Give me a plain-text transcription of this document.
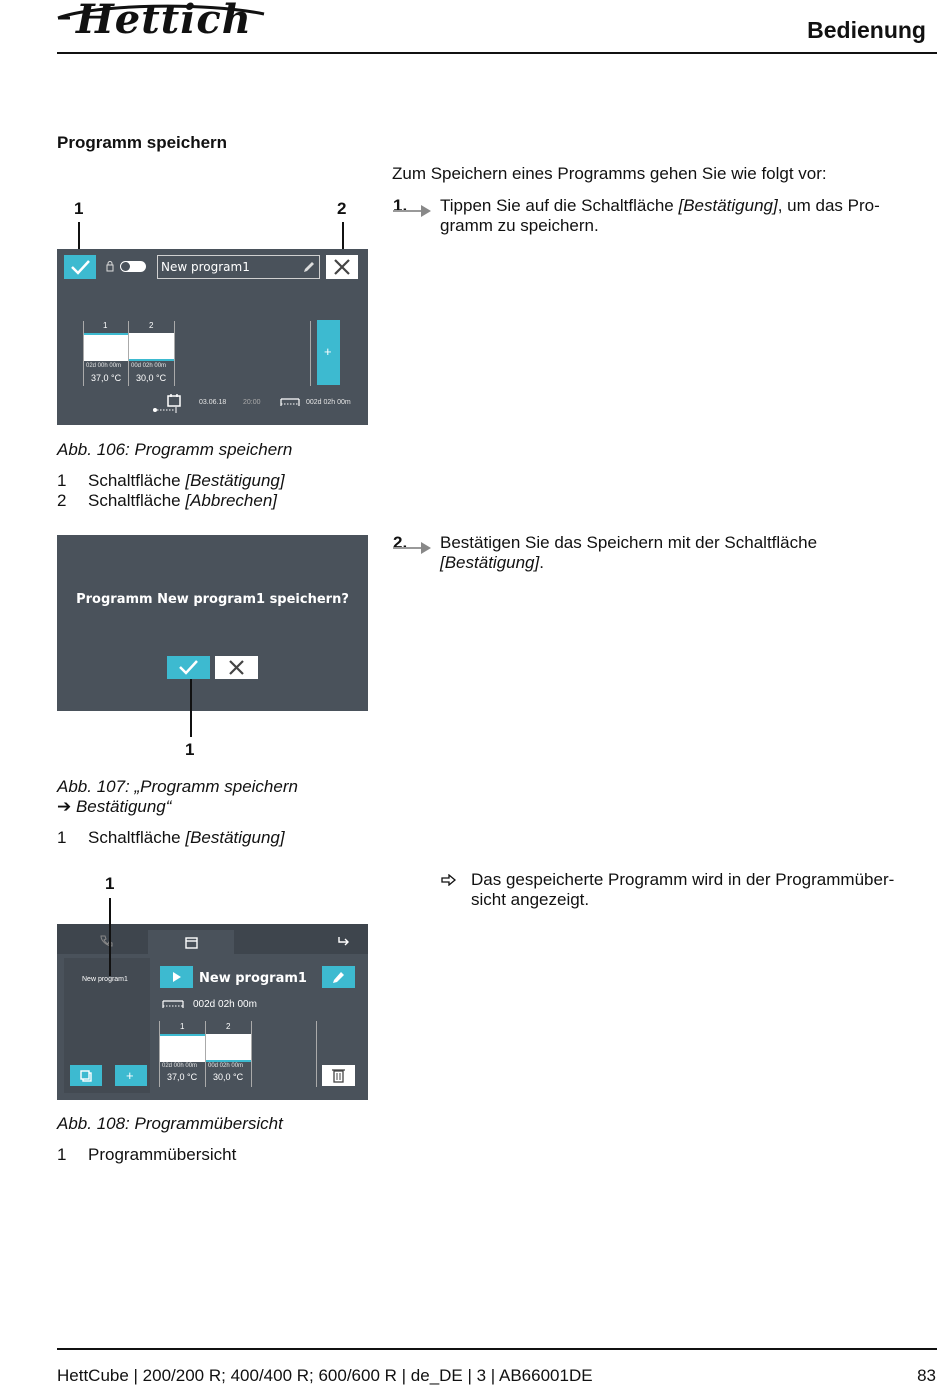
Hettich	Bedienung
Programm speichern
Zum Speichern eines Programms gehen Sie wie folgt vor:
1. Tippen Sie auf die Schaltfläche [Bestätigung], um das Pro-
gramm zu speichern.
2. Bestätigen Sie das Speichern mit der Schaltfläche
[Bestätigung].
Das gespeicherte Programm wird in der Programmüber-
sicht angezeigt.
1	2
New program1
1	2
02d 00h 00m 00d 02h 00m
37,0 °C 30,0 °C
+
03.06.18 20:00	002d 02h 00m
Abb. 106: Programm speichern
1 Schaltfläche [Bestätigung]
2 Schaltfläche [Abbrechen]
Programm New program1 speichern?
1
Abb. 107: „Programm speichern
➔ Bestätigung“
1 Schaltfläche [Bestätigung]
1
New program1
+
New program1
002d 02h 00m
1	2
02d 00h 00m 00d 02h 00m
37,0 °C 30,0 °C
Abb. 108: Programmübersicht
1 Programmübersicht
HettCube | 200/200 R; 400/400 R; 600/600 R | de_DE | 3 | AB66001DE	83
